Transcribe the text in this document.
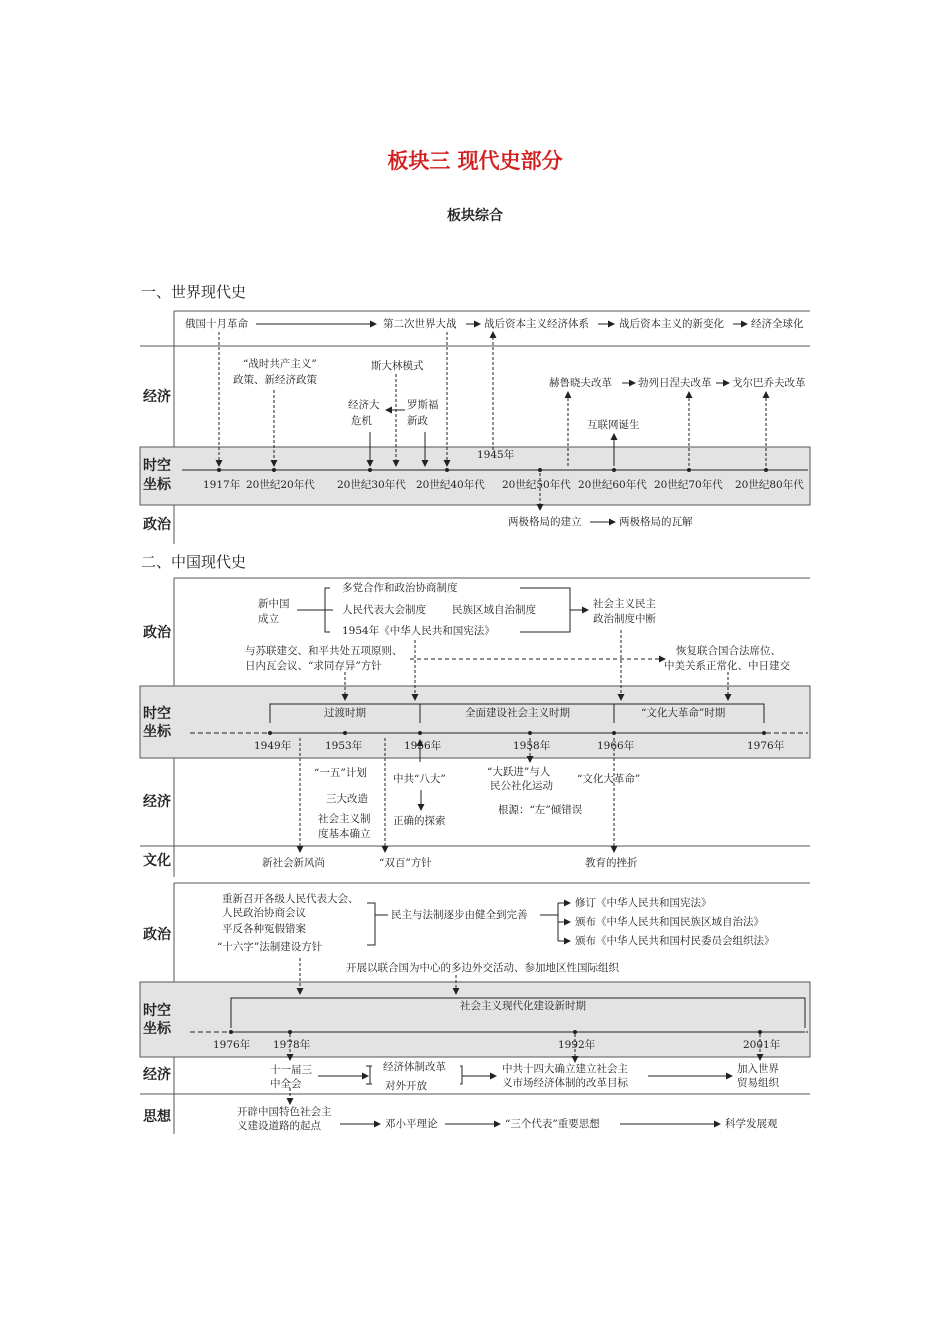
板块三 现代史部分
板块综合
一、世界现代史
经济
时空
坐标
政治
俄国十月革命	第二次世界大战	战后资本主义经济体系	战后资本主义的新变化	经济全球化
“战时共产主义”
政策、新经济政策
斯大林模式
经济大
危机
罗斯福
新政
赫鲁晓夫改革 勃列日涅夫改革 戈尔巴乔夫改革
互联网诞生
1917年 20世纪20年代 20世纪30年代 20世纪40年代
1945年
20世纪50年代 20世纪60年代 20世纪70年代 20世纪80年代
两极格局的建立	两极格局的瓦解
二、中国现代史
政治
时空
坐标
经济
文化
新中国
成立
多党合作和政治协商制度
人民代表大会制度 民族区域自治制度
1954年《中华人民共和国宪法》
社会主义民主
政治制度中断
与苏联建交、和平共处五项原则、
日内瓦会议、“求同存异”方针
恢复联合国合法席位、
中美关系正常化、中日建交
过渡时期	全面建设社会主义时期	“文化大革命”时期
1949年	1953年	1956年	1958年	1966年	1976年
“一五”计划
三大改造
社会主义制
度基本确立
中共“八大”
正确的探索
“大跃进”与人
民公社化运动
根源：“左”倾错误
“文化大革命”
新社会新风尚	“双百”方针	教育的挫折
政治
时空
坐标
经济
思想
重新召开各级人民代表大会、
人民政治协商会议
平反各种冤假错案
“十六字”法制建设方针
民主与法制逐步由健全到完善
修订《中华人民共和国宪法》
颁布《中华人民共和国民族区域自治法》
颁布《中华人民共和国村民委员会组织法》
开展以联合国为中心的多边外交活动、参加地区性国际组织
社会主义现代化建设新时期
1976年 1978年	1992年	2001年
十一届三
中全会
经济体制改革
对外开放
中共十四大确立建立社会主
义市场经济体制的改革目标
加入世界
贸易组织
开辟中国特色社会主
义建设道路的起点	邓小平理论	“三个代表”重要思想	科学发展观
